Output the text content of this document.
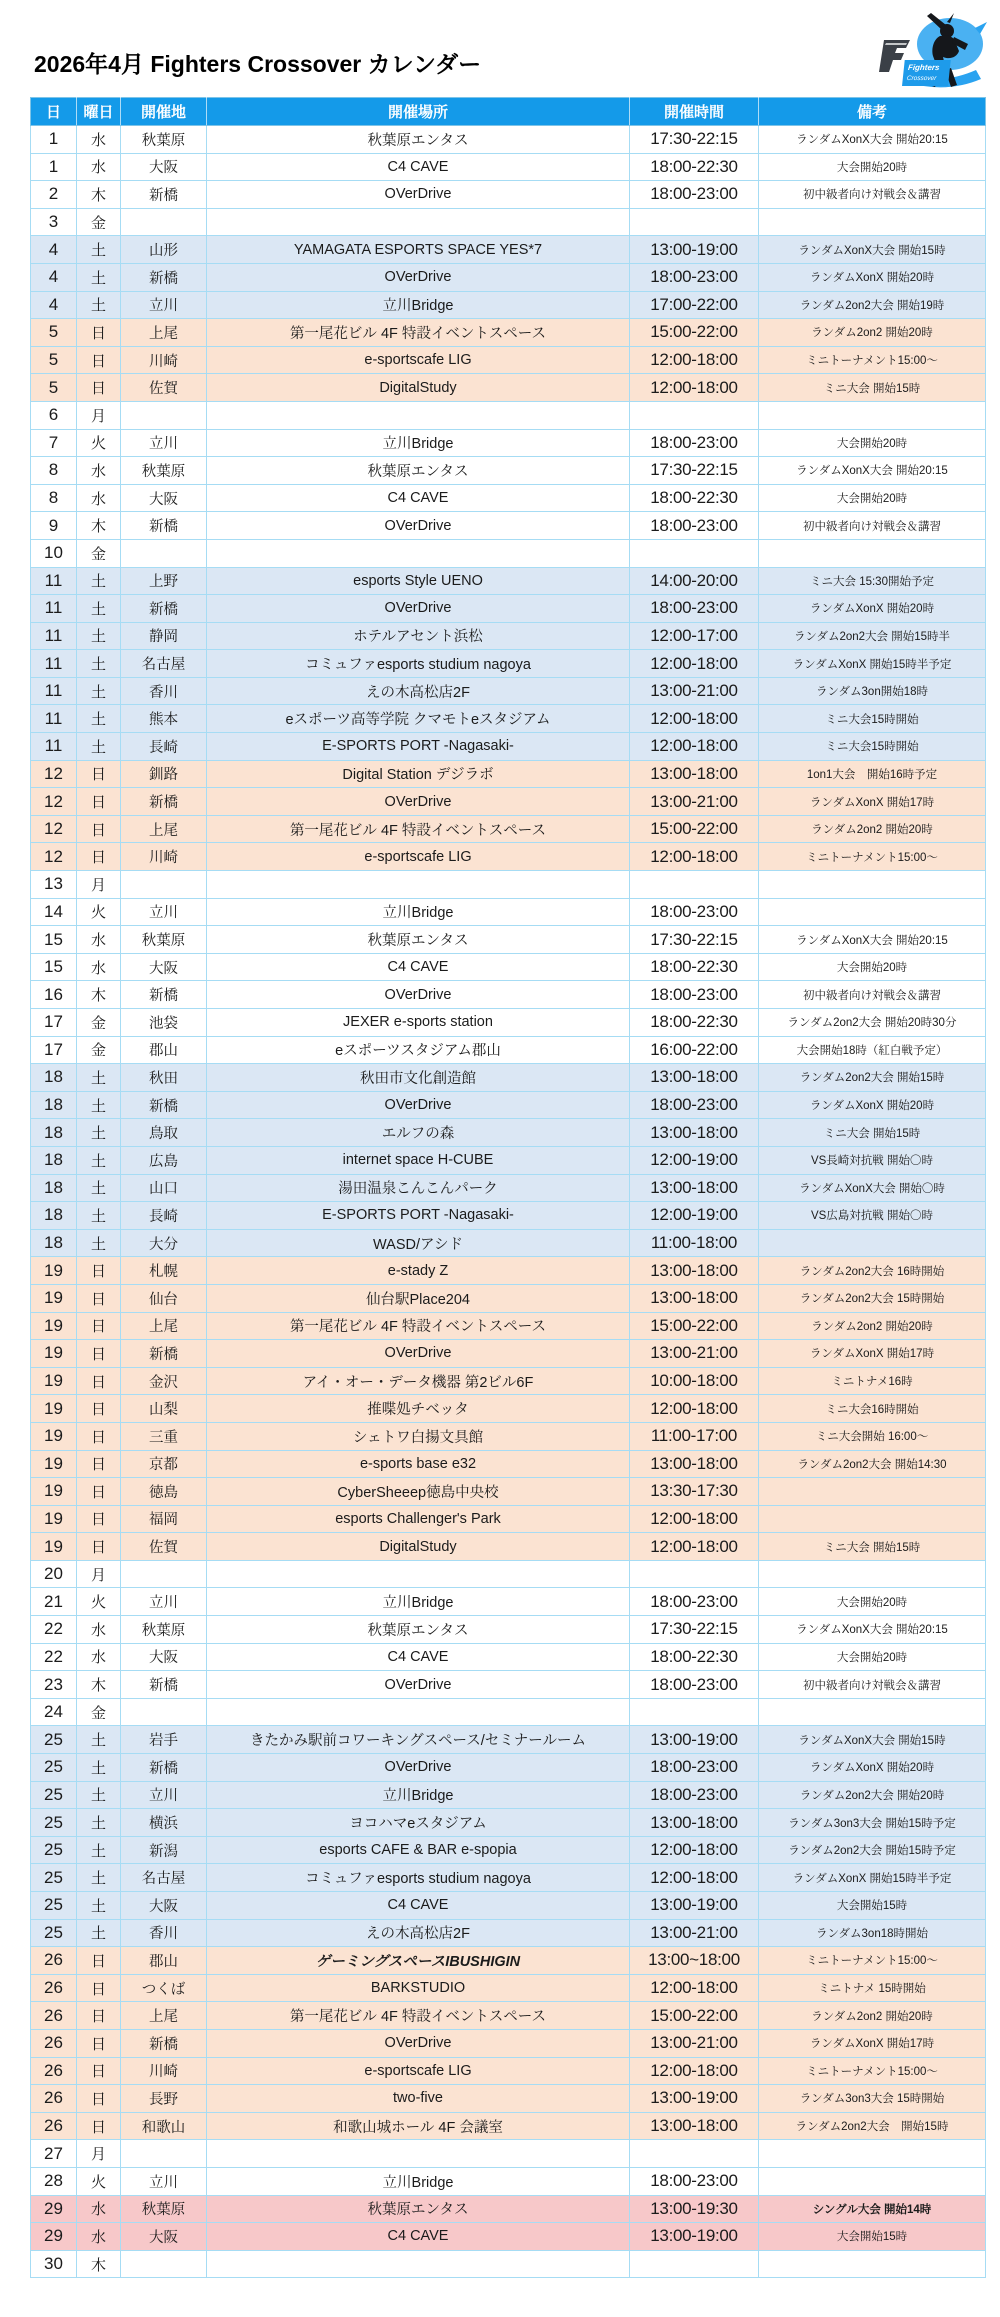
2026年4月 Fighters Crossover カレンダー	Fighters
Crossover
日	曜日	開催地	開催場所	開催時間	備考
1	水	秋葉原	秋葉原エンタス	17:30-22:15	ランダムXonX大会 開始20:15
1	水	大阪	C4 CAVE	18:00-22:30	大会開始20時
2	木	新橋	OVerDrive	18:00-23:00	初中級者向け対戦会＆講習
3	金				
4	土	山形	YAMAGATA ESPORTS SPACE YES*7	13:00-19:00	ランダムXonX大会 開始15時
4	土	新橋	OVerDrive	18:00-23:00	ランダムXonX 開始20時
4	土	立川	立川Bridge	17:00-22:00	ランダム2on2大会 開始19時
5	日	上尾	第一尾花ビル 4F 特設イベントスペース	15:00-22:00	ランダム2on2 開始20時
5	日	川崎	e-sportscafe LIG	12:00-18:00	ミニトーナメント15:00～
5	日	佐賀	DigitalStudy	12:00-18:00	ミニ大会 開始15時
6	月				
7	火	立川	立川Bridge	18:00-23:00	大会開始20時
8	水	秋葉原	秋葉原エンタス	17:30-22:15	ランダムXonX大会 開始20:15
8	水	大阪	C4 CAVE	18:00-22:30	大会開始20時
9	木	新橋	OVerDrive	18:00-23:00	初中級者向け対戦会＆講習
10	金				
11	土	上野	esports Style UENO	14:00-20:00	ミニ大会 15:30開始予定
11	土	新橋	OVerDrive	18:00-23:00	ランダムXonX 開始20時
11	土	静岡	ホテルアセント浜松	12:00-17:00	ランダム2on2大会 開始15時半
11	土	名古屋	コミュファesports studium nagoya	12:00-18:00	ランダムXonX 開始15時半予定
11	土	香川	えの木高松店2F	13:00-21:00	ランダム3on開始18時
11	土	熊本	eスポーツ高等学院 クマモトeスタジアム	12:00-18:00	ミニ大会15時開始
11	土	長崎	E-SPORTS PORT -Nagasaki-	12:00-18:00	ミニ大会15時開始
12	日	釧路	Digital Station デジラボ	13:00-18:00	1on1大会　開始16時予定
12	日	新橋	OVerDrive	13:00-21:00	ランダムXonX 開始17時
12	日	上尾	第一尾花ビル 4F 特設イベントスペース	15:00-22:00	ランダム2on2 開始20時
12	日	川崎	e-sportscafe LIG	12:00-18:00	ミニトーナメント15:00～
13	月				
14	火	立川	立川Bridge	18:00-23:00	
15	水	秋葉原	秋葉原エンタス	17:30-22:15	ランダムXonX大会 開始20:15
15	水	大阪	C4 CAVE	18:00-22:30	大会開始20時
16	木	新橋	OVerDrive	18:00-23:00	初中級者向け対戦会＆講習
17	金	池袋	JEXER e-sports station	18:00-22:30	ランダム2on2大会 開始20時30分
17	金	郡山	eスポーツスタジアム郡山	16:00-22:00	大会開始18時（紅白戦予定）
18	土	秋田	秋田市文化創造館	13:00-18:00	ランダム2on2大会 開始15時
18	土	新橋	OVerDrive	18:00-23:00	ランダムXonX 開始20時
18	土	鳥取	エルフの森	13:00-18:00	ミニ大会 開始15時
18	土	広島	internet space H-CUBE	12:00-19:00	VS長崎対抗戦 開始〇時
18	土	山口	湯田温泉こんこんパーク	13:00-18:00	ランダムXonX大会 開始〇時
18	土	長崎	E-SPORTS PORT -Nagasaki-	12:00-19:00	VS広島対抗戦 開始〇時
18	土	大分	WASD/アシド	11:00-18:00	
19	日	札幌	e-stady Z	13:00-18:00	ランダム2on2大会 16時開始
19	日	仙台	仙台駅Place204	13:00-18:00	ランダム2on2大会 15時開始
19	日	上尾	第一尾花ビル 4F 特設イベントスペース	15:00-22:00	ランダム2on2 開始20時
19	日	新橋	OVerDrive	13:00-21:00	ランダムXonX 開始17時
19	日	金沢	アイ・オー・データ機器 第2ビル6F	10:00-18:00	ミニトナメ16時
19	日	山梨	推喋処チベッタ	12:00-18:00	ミニ大会16時開始
19	日	三重	シェトワ白揚文具館	11:00-17:00	ミニ大会開始 16:00～
19	日	京都	e-sports base e32	13:00-18:00	ランダム2on2大会 開始14:30
19	日	徳島	CyberSheeep徳島中央校	13:30-17:30	
19	日	福岡	esports Challenger's Park	12:00-18:00	
19	日	佐賀	DigitalStudy	12:00-18:00	ミニ大会 開始15時
20	月				
21	火	立川	立川Bridge	18:00-23:00	大会開始20時
22	水	秋葉原	秋葉原エンタス	17:30-22:15	ランダムXonX大会 開始20:15
22	水	大阪	C4 CAVE	18:00-22:30	大会開始20時
23	木	新橋	OVerDrive	18:00-23:00	初中級者向け対戦会＆講習
24	金				
25	土	岩手	きたかみ駅前コワーキングスペース/セミナールーム	13:00-19:00	ランダムXonX大会 開始15時
25	土	新橋	OVerDrive	18:00-23:00	ランダムXonX 開始20時
25	土	立川	立川Bridge	18:00-23:00	ランダム2on2大会 開始20時
25	土	横浜	ヨコハマeスタジアム	13:00-18:00	ランダム3on3大会 開始15時予定
25	土	新潟	esports CAFE & BAR e-spopia	12:00-18:00	ランダム2on2大会 開始15時予定
25	土	名古屋	コミュファesports studium nagoya	12:00-18:00	ランダムXonX 開始15時半予定
25	土	大阪	C4 CAVE	13:00-19:00	大会開始15時
25	土	香川	えの木高松店2F	13:00-21:00	ランダム3on18時開始
26	日	郡山	ゲーミングスペースIBUSHIGIN	13:00~18:00	ミニトーナメント15:00～
26	日	つくば	BARKSTUDIO	12:00-18:00	ミニトナメ 15時開始
26	日	上尾	第一尾花ビル 4F 特設イベントスペース	15:00-22:00	ランダム2on2 開始20時
26	日	新橋	OVerDrive	13:00-21:00	ランダムXonX 開始17時
26	日	川崎	e-sportscafe LIG	12:00-18:00	ミニトーナメント15:00～
26	日	長野	two-five	13:00-19:00	ランダム3on3大会 15時開始
26	日	和歌山	和歌山城ホール 4F 会議室	13:00-18:00	ランダム2on2大会　開始15時
27	月				
28	火	立川	立川Bridge	18:00-23:00	
29	水	秋葉原	秋葉原エンタス	13:00-19:30	シングル大会 開始14時
29	水	大阪	C4 CAVE	13:00-19:00	大会開始15時
30	木				
